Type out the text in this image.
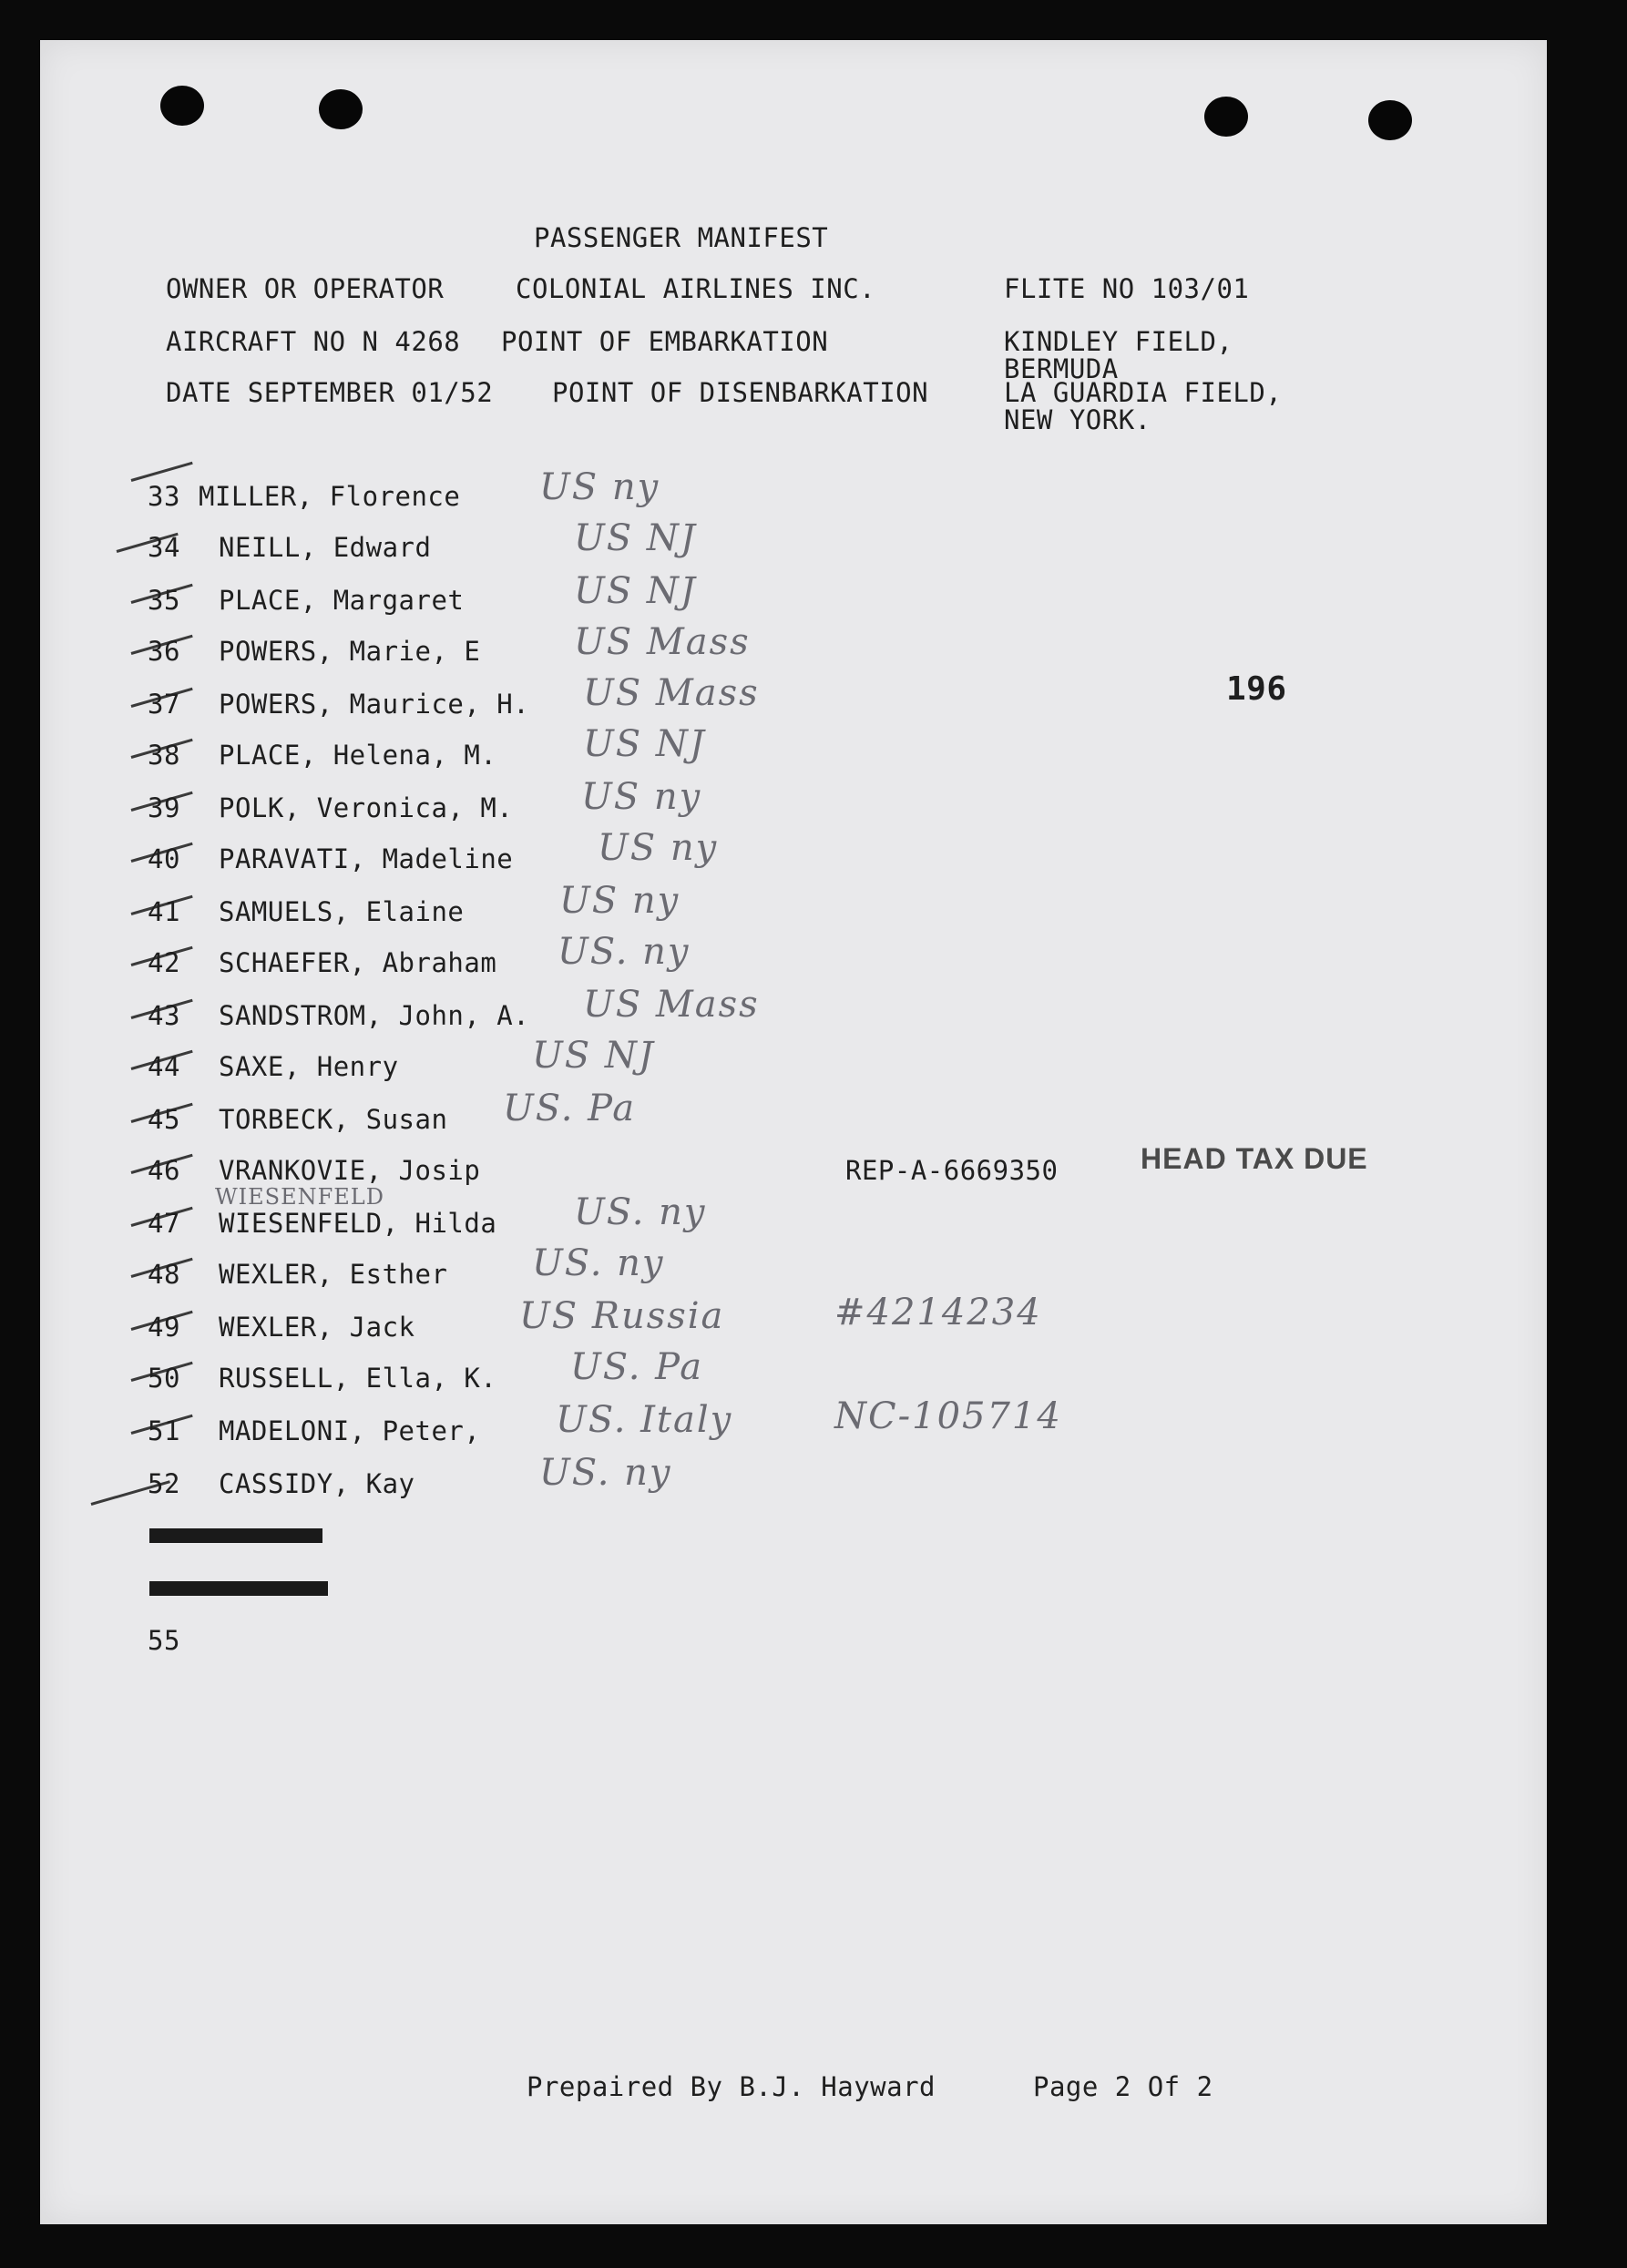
PASSENGER MANIFEST
OWNER OR OPERATOR	COLONIAL AIRLINES INC.	FLITE NO 103/01
AIRCRAFT NO N 4268 POINT OF EMBARKATION	KINDLEY FIELD,
BERMUDA
DATE SEPTEMBER 01/52 POINT OF DISENBARKATION	LA GUARDIA FIELD,
NEW YORK.
196
33 MILLER, Florence US ny
34 NEILL, Edward	US NJ
35 PLACE, Margaret	US NJ
36 POWERS, Marie, E	US Mass
37 POWERS, Maurice, H. US Mass
38 PLACE, Helena, M. US NJ
39 POLK, Veronica, M. US ny
40 PARAVATI, Madeline US ny
41 SAMUELS, Elaine	US ny
42 SCHAEFER, Abraham US. ny
43 SANDSTROM, John, A. US Mass
44 SAXE, Henry	US NJ
45 TORBECK, Susan US. Pa
46 VRANKOVIE, Josip	REP-A-6669350	HEAD TAX DUE
WIESENFELD
47 WIESENFELD, Hilda US. ny
48 WEXLER, Esther US. ny
49 WEXLER, Jack	US Russia	#4214234
50 RUSSELL, Ella, K. US. Pa
51 MADELONI, Peter, US. Italy	NC-105714
52 CASSIDY, Kay	US. ny
55
Prepaired By B.J. Hayward	Page 2 Of 2
